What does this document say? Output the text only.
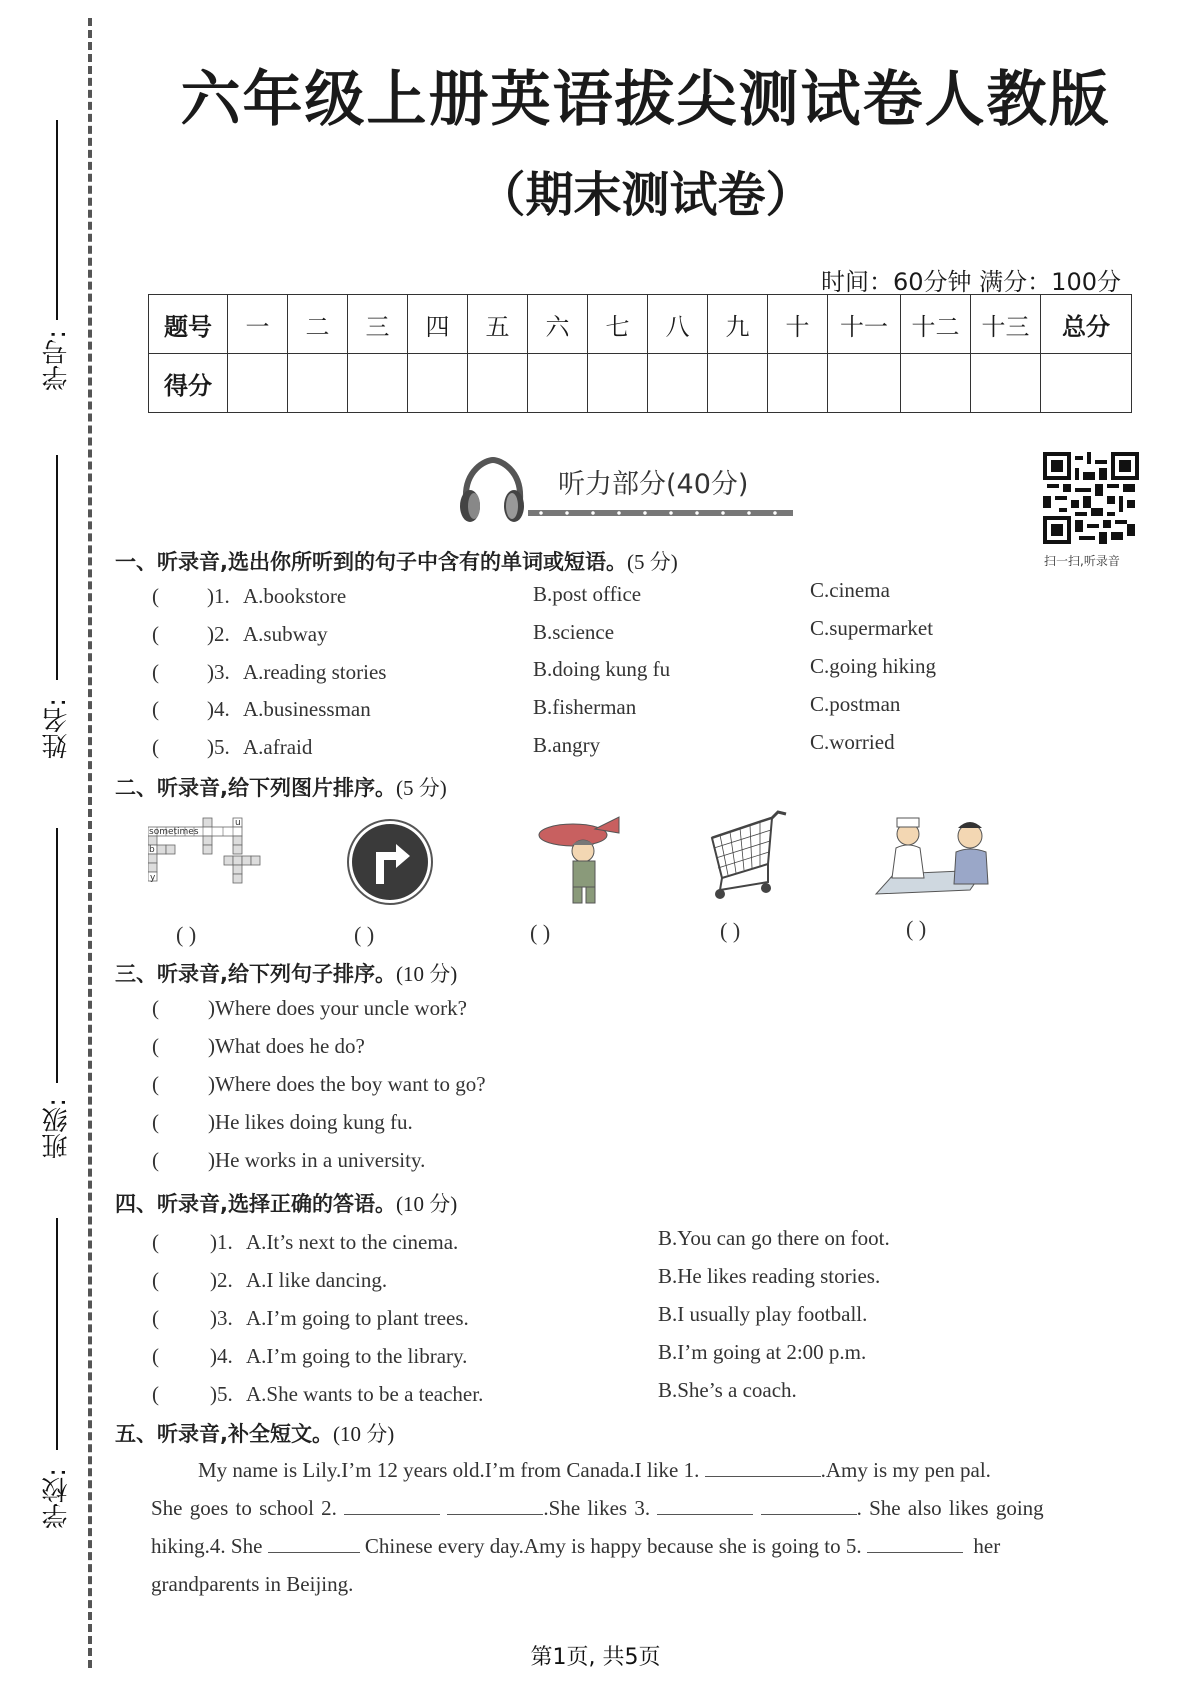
学号:
姓名:
班级:
学校:
六年级上册英语拔尖测试卷人教版
（期末测试卷）
时间：60分钟 满分：100分
题号	一	二	三	四	五	六	七	八	九	十	十一	十二	十三	总分
得分														
听力部分(40分)
扫一扫,听录音
一、听录音,选出你所听到的句子中含有的单词或短语。(5 分)
( )1. A.bookstore	B.post office	C.cinema
( )2. A.subway	B.science	C.supermarket
( )3. A.reading stories	B.doing kung fu	C.going hiking
( )4. A.businessman	B.fisherman	C.postman
( )5. A.afraid	B.angry	C.worried
二、听录音,给下列图片排序。(5 分)
u
sometimes
b
y
( )	( )	( )	( )	( )
三、听录音,给下列句子排序。(10 分)
( )Where does your uncle work?
( )What does he do?
( )Where does the boy want to go?
( )He likes doing kung fu.
( )He works in a university.
四、听录音,选择正确的答语。(10 分)
( )1. A.It’s next to the cinema.	B.You can go there on foot.
( )2. A.I like dancing.	B.He likes reading stories.
( )3. A.I’m going to plant trees.	B.I usually play football.
( )4. A.I’m going to the library.	B.I’m going at 2:00 p.m.
( )5. A.She wants to be a teacher.	B.She’s a coach.
五、听录音,补全短文。(10 分)
My name is Lily.I’m 12 years old.I’m from Canada.I like 1.	.Amy is my pen pal.
She goes to school 2.	.She likes 3.	. She also likes going
hiking.4. She	Chinese every day.Amy is happy because she is going to 5.	her
grandparents in Beijing.
第1页, 共5页
